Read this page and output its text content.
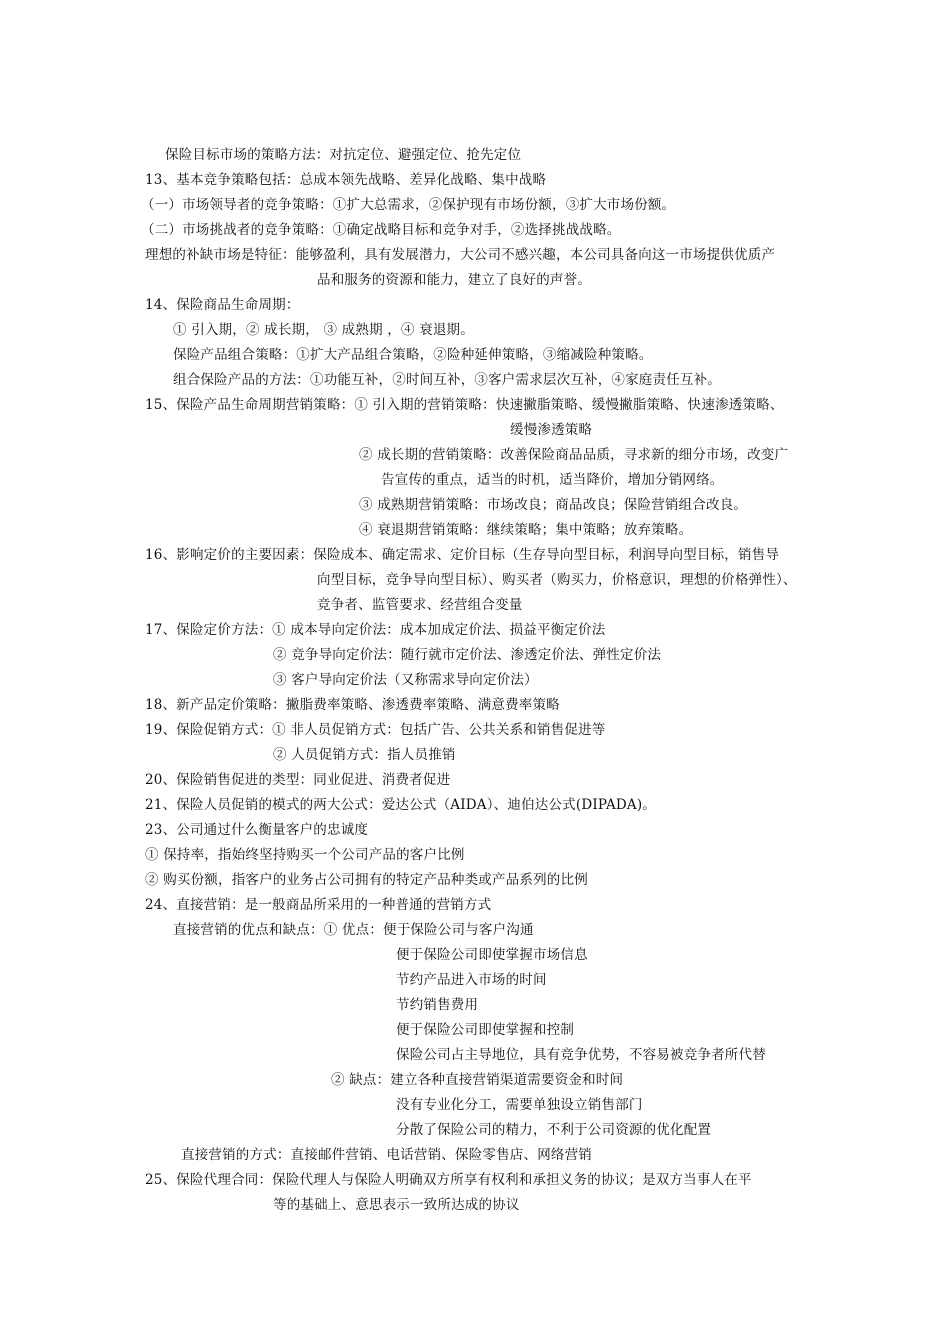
保险目标市场的策略方法：对抗定位、避强定位、抢先定位
13、基本竞争策略包括：总成本领先战略、差异化战略、集中战略
（一）市场领导者的竞争策略：①扩大总需求，②保护现有市场份额，③扩大市场份额。
（二）市场挑战者的竞争策略：①确定战略目标和竞争对手，②选择挑战战略。
理想的补缺市场是特征：能够盈利，具有发展潜力，大公司不感兴趣，本公司具备向这一市场提供优质产
品和服务的资源和能力，建立了良好的声誉。
14、保险商品生命周期：
① 引入期，② 成长期， ③ 成熟期 ，④ 衰退期。
保险产品组合策略：①扩大产品组合策略，②险种延伸策略，③缩减险种策略。
组合保险产品的方法：①功能互补，②时间互补，③客户需求层次互补，④家庭责任互补。
15、保险产品生命周期营销策略：① 引入期的营销策略：快速撇脂策略、缓慢撇脂策略、快速渗透策略、
缓慢渗透策略
② 成长期的营销策略：改善保险商品品质，寻求新的细分市场，改变广
告宣传的重点，适当的时机，适当降价，增加分销网络。
③ 成熟期营销策略：市场改良；商品改良；保险营销组合改良。
④ 衰退期营销策略：继续策略；集中策略；放弃策略。
16、影响定价的主要因素：保险成本、确定需求、定价目标（生存导向型目标，利润导向型目标，销售导
向型目标，竞争导向型目标）、购买者（购买力，价格意识，理想的价格弹性）、
竞争者、监管要求、经营组合变量
17、保险定价方法：① 成本导向定价法：成本加成定价法、损益平衡定价法
② 竞争导向定价法：随行就市定价法、渗透定价法、弹性定价法
③ 客户导向定价法（又称需求导向定价法）
18、新产品定价策略：撇脂费率策略、渗透费率策略、满意费率策略
19、保险促销方式：① 非人员促销方式：包括广告、公共关系和销售促进等
② 人员促销方式：指人员推销
20、保险销售促进的类型：同业促进、消费者促进
21、保险人员促销的模式的两大公式：爱达公式（AIDA）、迪伯达公式(DIPADA)。
23、公司通过什么衡量客户的忠诚度
① 保持率，指始终坚持购买一个公司产品的客户比例
② 购买份额，指客户的业务占公司拥有的特定产品种类或产品系列的比例
24、直接营销：是一般商品所采用的一种普通的营销方式
直接营销的优点和缺点：① 优点：便于保险公司与客户沟通
便于保险公司即使掌握市场信息
节约产品进入市场的时间
节约销售费用
便于保险公司即使掌握和控制
保险公司占主导地位，具有竞争优势，不容易被竞争者所代替
② 缺点：建立各种直接营销渠道需要资金和时间
没有专业化分工，需要单独设立销售部门
分散了保险公司的精力，不利于公司资源的优化配置
直接营销的方式：直接邮件营销、电话营销、保险零售店、网络营销
25、保险代理合同：保险代理人与保险人明确双方所享有权利和承担义务的协议；是双方当事人在平
等的基础上、意思表示一致所达成的协议
